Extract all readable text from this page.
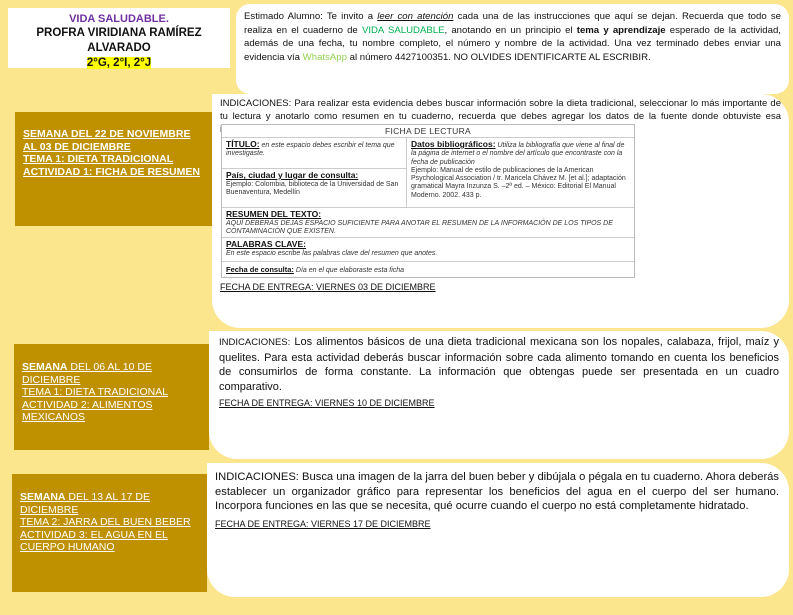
VIDA SALUDABLE.
PROFRA VIRIDIANA RAMÍREZ ALVARADO
2°G, 2°I, 2°J
Estimado Alumno: Te invito a leer con atención cada una de las instrucciones que aquí se dejan. Recuerda que todo se realiza en el cuaderno de VIDA SALUDABLE, anotando en un principio el tema y aprendizaje esperado de la actividad, además de una fecha, tu nombre completo, el número y nombre de la actividad. Una vez terminado debes enviar una evidencia vía WhatsApp al número 4427100351. NO OLVIDES IDENTIFICARTE AL ESCRIBIR.
SEMANA DEL 22 DE NOVIEMBRE AL 03 DE DICIEMBRE
TEMA 1: DIETA TRADICIONAL
ACTIVIDAD 1: FICHA DE RESUMEN
INDICACIONES: Para realizar esta evidencia debes buscar información sobre la dieta tradicional, seleccionar lo más importante de tu lectura y anotarlo como resumen en tu cuaderno, recuerda que debes agregar los datos de la fuente donde obtuviste esa
FECHA DE ENTREGA: VIERNES 03 DE DICIEMBRE
FICHA DE LECTURA
TÍTULO: en este espacio debes escribir el tema que investigaste.
Datos bibliográficos: Utiliza la bibliografía que viene al final de la página de internet o el nombre del artículo que encontraste con la fecha de publicación
Ejemplo: Manual de estilo de publicaciones de la American Psychological Association / tr. Maricela Chávez M. [et al.]; adaptación gramatical Mayra Inzunza S. –2ª ed. – México: Editorial El Manual Moderno. 2002. 433 p.
País, ciudad y lugar de consulta:
Ejemplo: Colombia, biblioteca de la Universidad de San Buenaventura, Medellín
RESUMEN DEL TEXTO:
AQUÍ DEBERÁS DEJAS ESPACIO SUFICIENTE PARA ANOTAR EL RESUMEN DE LA INFORMACIÓN DE LOS TIPOS DE CONTAMINACIÓN QUE EXISTEN.
PALABRAS CLAVE:
En este espacio escribe las palabras clave del resumen que anotes.
Fecha de consulta: Día en el que elaboraste esta ficha
SEMANA DEL 06 AL 10 DE DICIEMBRE
TEMA 1: DIETA TRADICIONAL
ACTIVIDAD 2: ALIMENTOS MEXICANOS
INDICACIONES: Los alimentos básicos de una dieta tradicional mexicana son los nopales, calabaza, frijol, maíz y quelites. Para esta actividad deberás buscar información sobre cada alimento tomando en cuenta los beneficios de consumirlos de forma constante. La información que obtengas puede ser presentada en un cuadro comparativo.
FECHA DE ENTREGA: VIERNES 10 DE DICIEMBRE
SEMANA DEL 13 AL 17 DE DICIEMBRE
TEMA 2: JARRA DEL BUEN BEBER
ACTIVIDAD 3: EL AGUA EN EL CUERPO HUMANO
INDICACIONES: Busca una imagen de la jarra del buen beber y dibújala o pégala en tu cuaderno. Ahora deberás establecer un organizador gráfico para representar los beneficios del agua en el cuerpo del ser humano. Incorpora funciones en las que se necesita, qué ocurre cuando el cuerpo no está completamente hidratado.
FECHA DE ENTREGA: VIERNES 17 DE DICIEMBRE
